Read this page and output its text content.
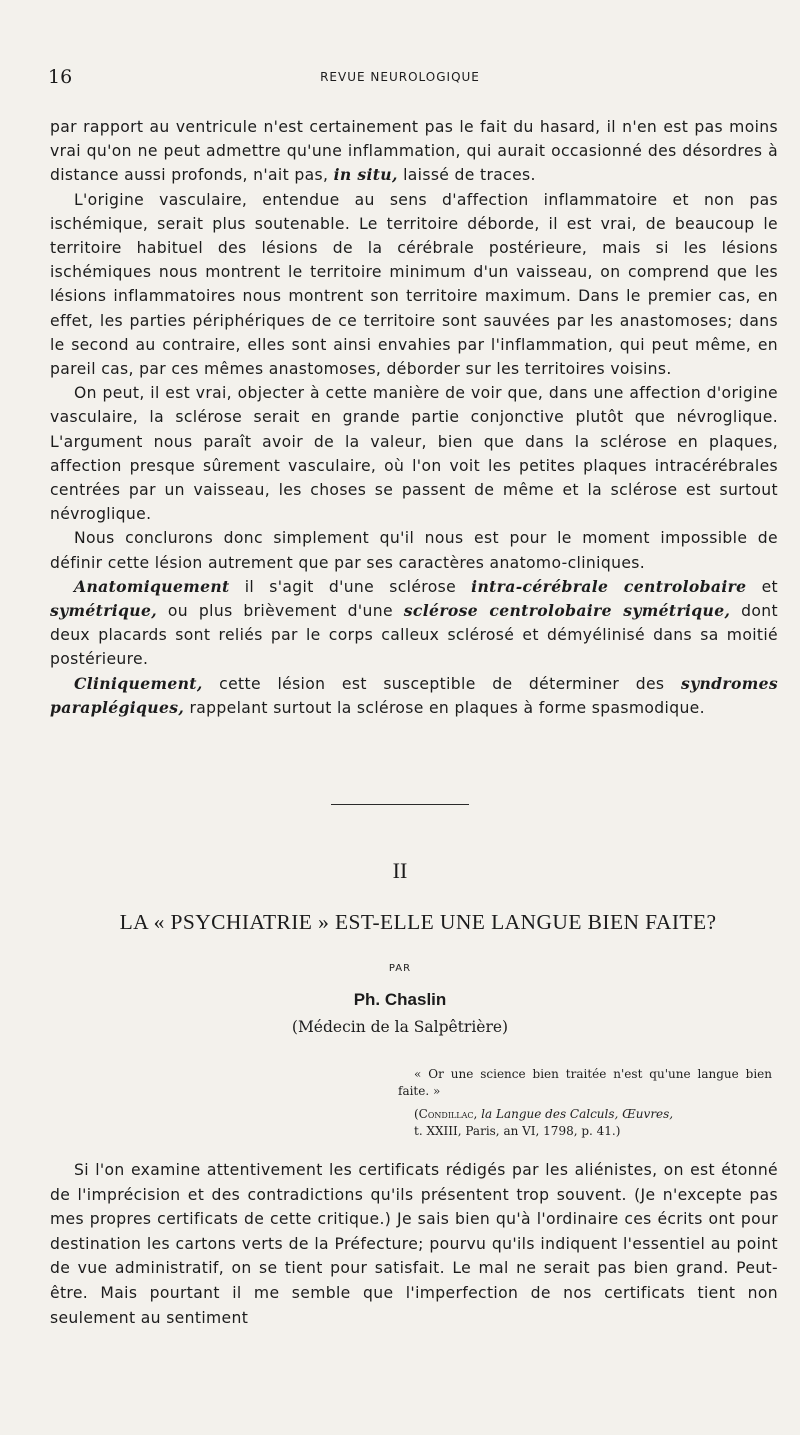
16	REVUE NEUROLOGIQUE

par rapport au ventricule n'est certainement pas le fait du hasard, il n'en est pas moins vrai qu'on ne peut admettre qu'une inflammation, qui aurait occasionné des désordres à distance aussi profonds, n'ait pas, in situ, laissé de traces.

L'origine vasculaire, entendue au sens d'affection inflammatoire et non pas ischémique, serait plus soutenable. Le territoire déborde, il est vrai, de beaucoup le territoire habituel des lésions de la cérébrale postérieure, mais si les lésions ischémiques nous montrent le territoire minimum d'un vaisseau, on comprend que les lésions inflammatoires nous montrent son territoire maximum. Dans le premier cas, en effet, les parties périphériques de ce territoire sont sauvées par les anastomoses; dans le second au contraire, elles sont ainsi envahies par l'inflammation, qui peut même, en pareil cas, par ces mêmes anastomoses, déborder sur les territoires voisins.

On peut, il est vrai, objecter à cette manière de voir que, dans une affection d'origine vasculaire, la sclérose serait en grande partie conjonctive plutôt que névroglique. L'argument nous paraît avoir de la valeur, bien que dans la sclérose en plaques, affection presque sûrement vasculaire, où l'on voit les petites plaques intracérébrales centrées par un vaisseau, les choses se passent de même et la sclérose est surtout névroglique.

Nous conclurons donc simplement qu'il nous est pour le moment impossible de définir cette lésion autrement que par ses caractères anatomo-cliniques.

Anatomiquement il s'agit d'une sclérose intra-cérébrale centrolobaire et symétrique, ou plus brièvement d'une sclérose centrolobaire symétrique, dont deux placards sont reliés par le corps calleux sclérosé et démyélinisé dans sa moitié postérieure.

Cliniquement, cette lésion est susceptible de déterminer des syndromes paraplégiques, rappelant surtout la sclérose en plaques à forme spasmodique.

II
LA « PSYCHIATRIE » EST-ELLE UNE LANGUE BIEN FAITE?
PAR
Ph. Chaslin
(Médecin de la Salpêtrière)

« Or une science bien traitée n'est qu'une langue bien faite. »

(Condillac, la Langue des Calculs, Œuvres,
t. XXIII, Paris, an VI, 1798, p. 41.)

Si l'on examine attentivement les certificats rédigés par les aliénistes, on est étonné de l'imprécision et des contradictions qu'ils présentent trop souvent. (Je n'excepte pas mes propres certificats de cette critique.) Je sais bien qu'à l'ordinaire ces écrits ont pour destination les cartons verts de la Préfecture; pourvu qu'ils indiquent l'essentiel au point de vue administratif, on se tient pour satisfait. Le mal ne serait pas bien grand. Peut-être. Mais pourtant il me semble que l'imperfection de nos certificats tient non seulement au sentiment
